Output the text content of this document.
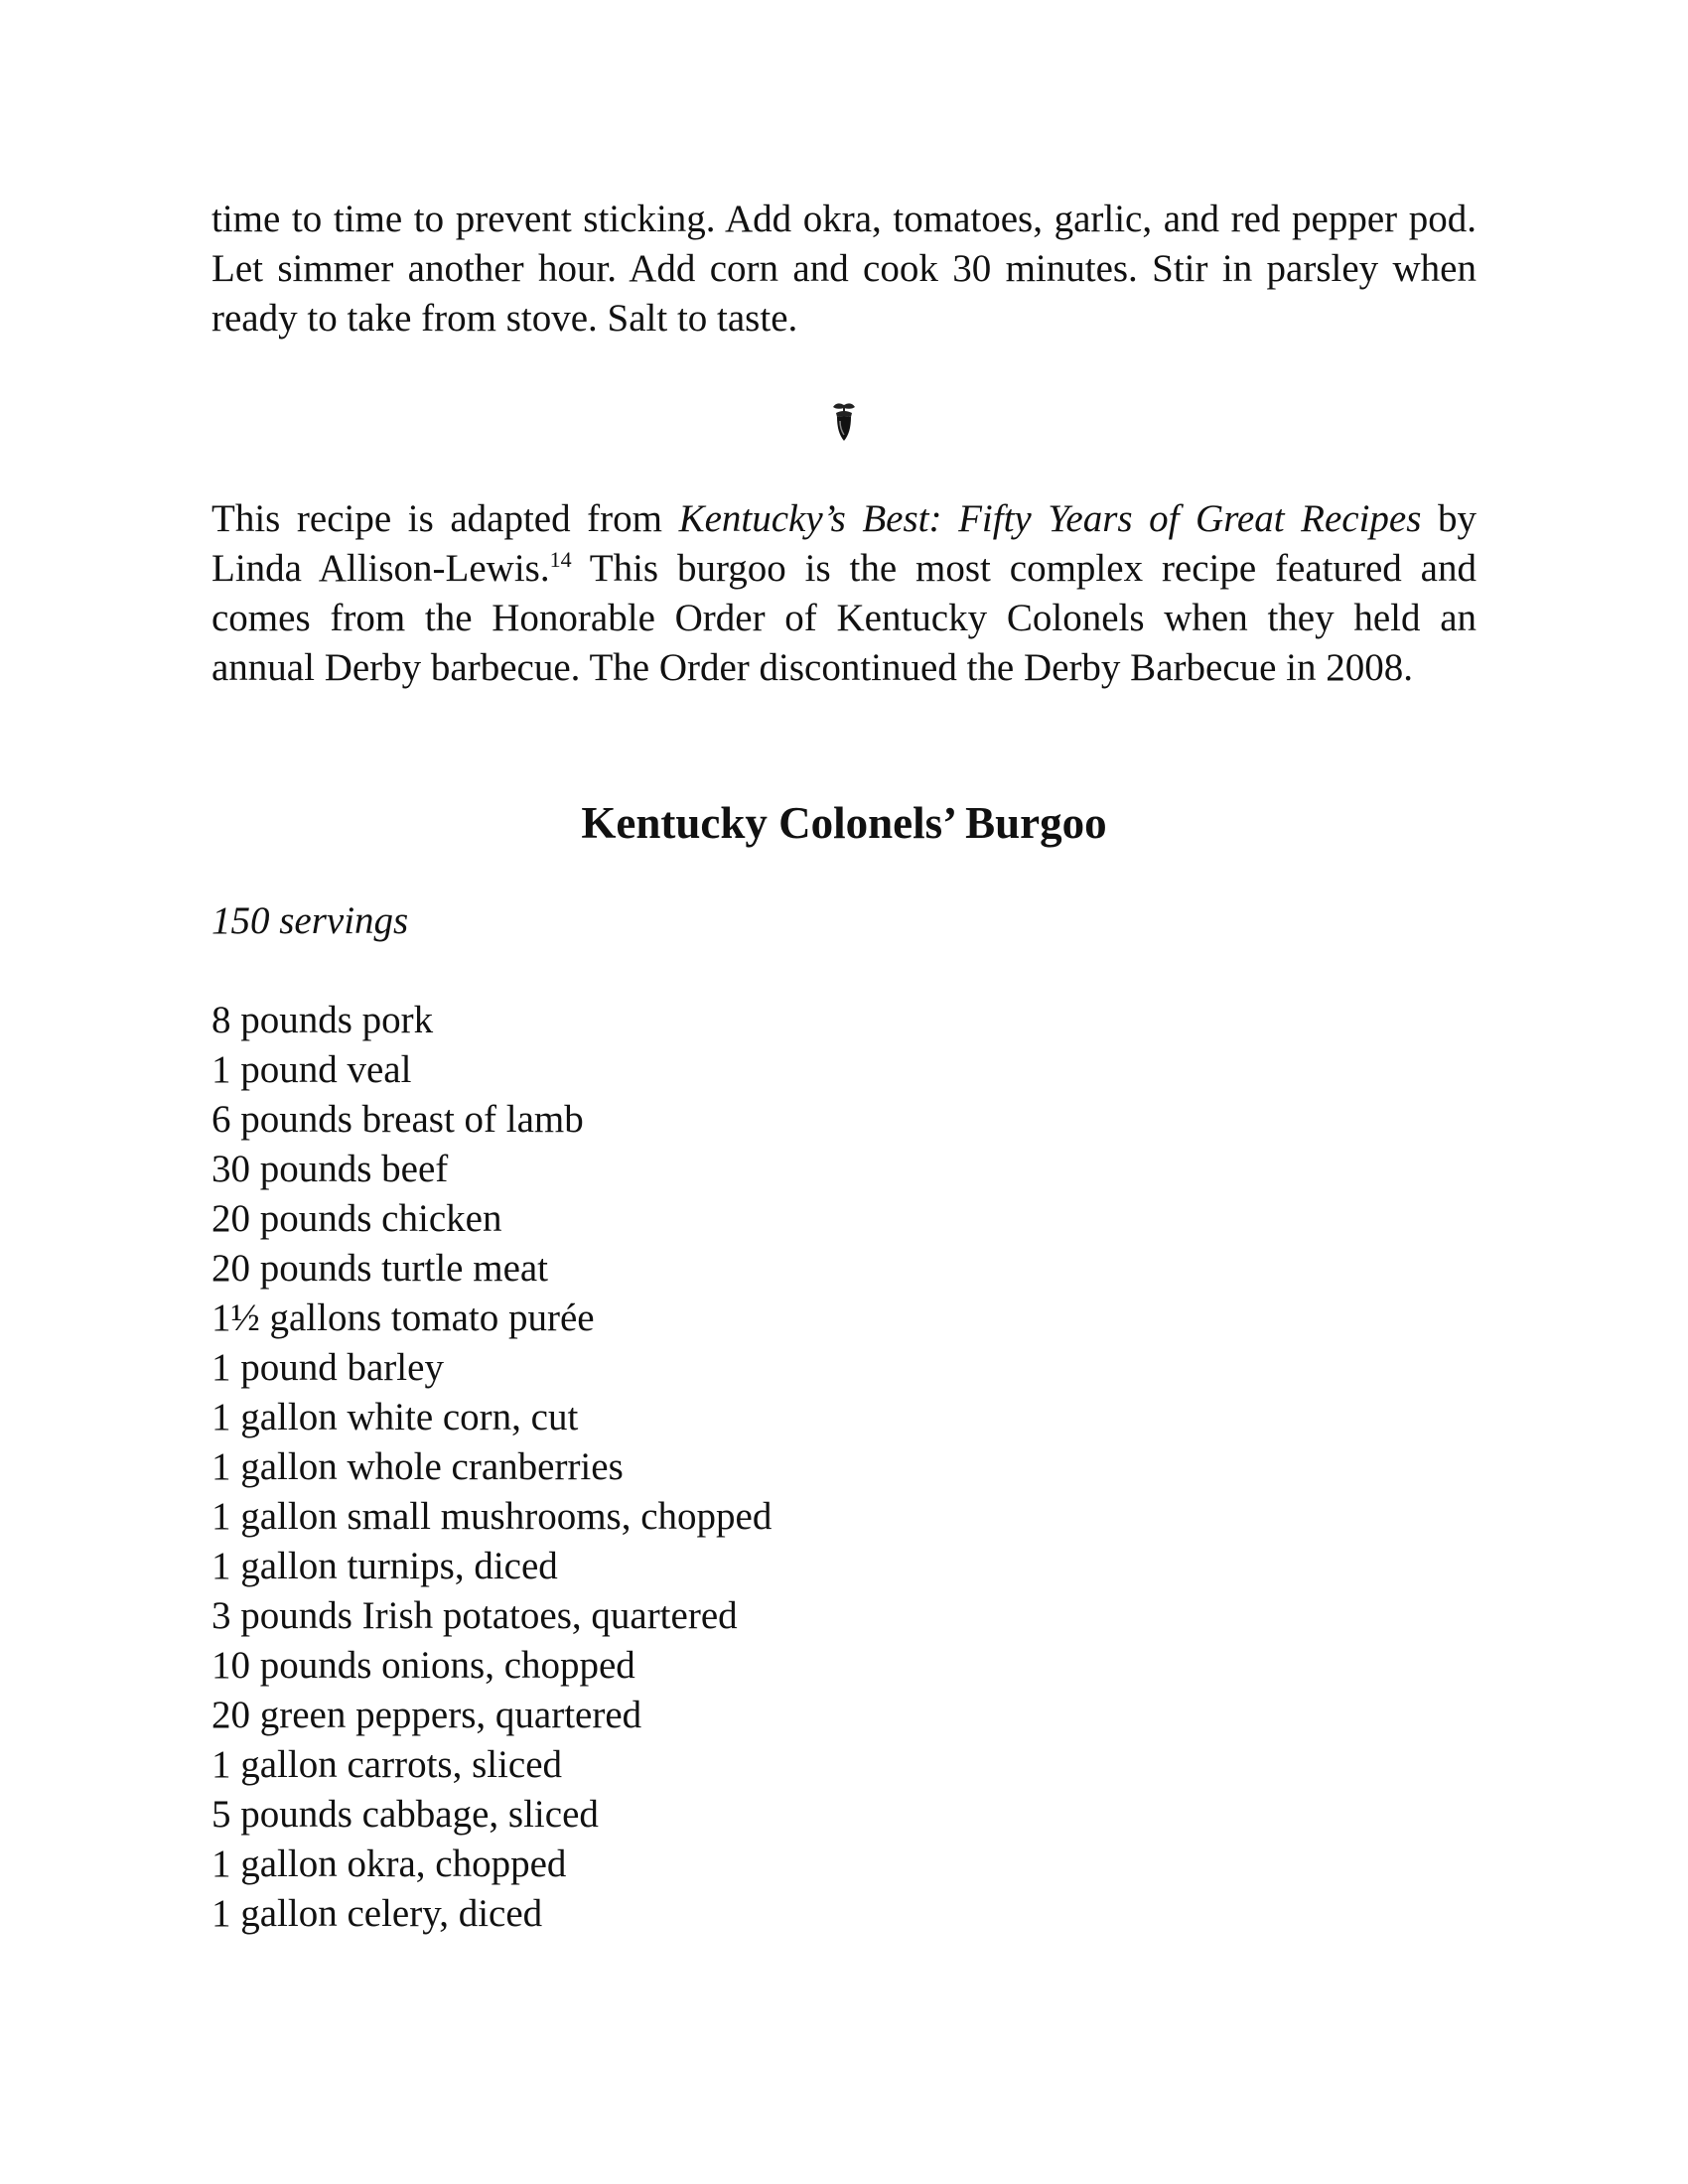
time to time to prevent sticking. Add okra, tomatoes, garlic, and red pepper pod. Let simmer another hour. Add corn and cook 30 minutes. Stir in parsley when ready to take from stove. Salt to taste.

This recipe is adapted from Kentucky’s Best: Fifty Years of Great Recipes by Linda Allison-Lewis.$^{14}$ This burgoo is the most complex recipe featured and comes from the Honorable Order of Kentucky Colonels when they held an annual Derby barbecue. The Order discontinued the Derby Barbecue in 2008.

Kentucky Colonels’ Burgoo

150 servings

8 pounds pork
1 pound veal
6 pounds breast of lamb
30 pounds beef
20 pounds chicken
20 pounds turtle meat
1½ gallons tomato purée
1 pound barley
1 gallon white corn, cut
1 gallon whole cranberries
1 gallon small mushrooms, chopped
1 gallon turnips, diced
3 pounds Irish potatoes, quartered
10 pounds onions, chopped
20 green peppers, quartered
1 gallon carrots, sliced
5 pounds cabbage, sliced
1 gallon okra, chopped
1 gallon celery, diced
